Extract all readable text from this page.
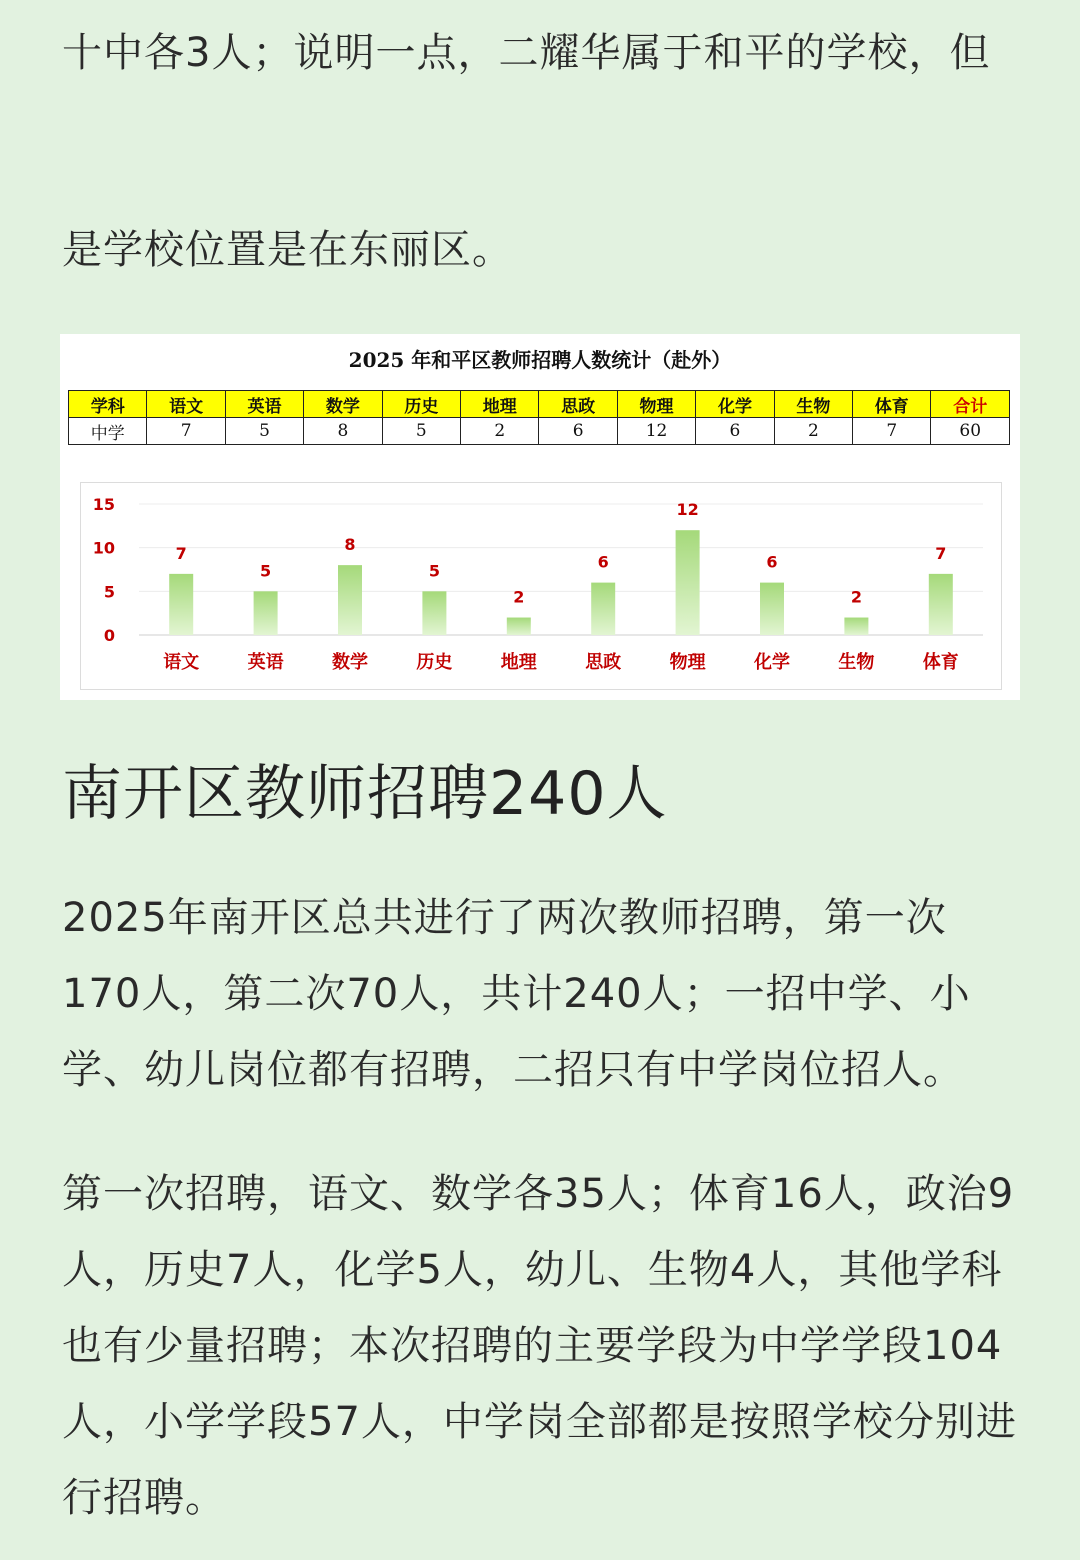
十中各3人；说明一点，二耀华属于和平的学校，但

是学校位置是在东丽区。

2025 年和平区教师招聘人数统计（赴外）
学科	语文	英语	数学	历史	地理	思政	物理	化学	生物	体育	合计
中学	7	5	8	5	2	6	12	6	2	7	60
0
5
10
15
7
语文
5
英语
8
数学
5
历史
2
地理
6
思政
12
物理
6
化学
2
生物
7
体育
南开区教师招聘240人

2025年南开区总共进行了两次教师招聘，第一次170人，第二次70人，共计240人；一招中学、小学、幼儿岗位都有招聘，二招只有中学岗位招人。

第一次招聘，语文、数学各35人；体育16人，政治9人，历史7人，化学5人，幼儿、生物4人，其他学科也有少量招聘；本次招聘的主要学段为中学学段104人，小学学段57人，中学岗全部都是按照学校分别进行招聘。
